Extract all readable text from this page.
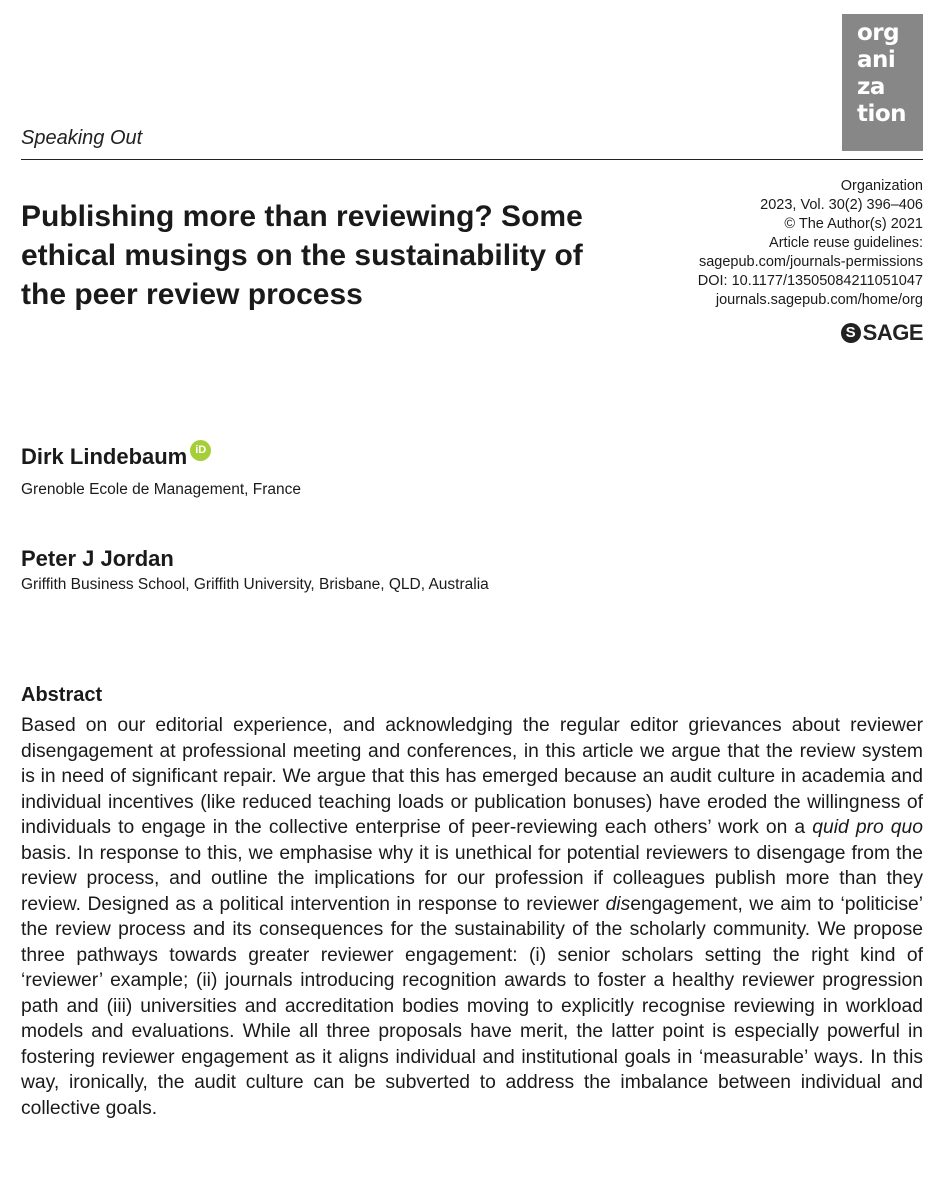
org
ani
za
tion
Speaking Out
Publishing more than reviewing? Some ethical musings on the sustainability of the peer review process
Organization
2023, Vol. 30(2) 396–406
© The Author(s) 2021
Article reuse guidelines:
sagepub.com/journals-permissions
DOI: 10.1177/13505084211051047
journals.sagepub.com/home/org
S SAGE
Dirk Lindebaum iD
Grenoble Ecole de Management, France
Peter J Jordan
Griffith Business School, Griffith University, Brisbane, QLD, Australia
Abstract

Based on our editorial experience, and acknowledging the regular editor grievances about reviewer disengagement at professional meeting and conferences, in this article we argue that the review system is in need of significant repair. We argue that this has emerged because an audit culture in academia and individual incentives (like reduced teaching loads or publication bonuses) have eroded the willingness of individuals to engage in the collective enterprise of peer-reviewing each others’ work on a quid pro quo basis. In response to this, we emphasise why it is unethical for potential reviewers to disengage from the review process, and outline the implications for our profession if colleagues publish more than they review. Designed as a political intervention in response to reviewer disengagement, we aim to ‘politicise’ the review process and its consequences for the sustainability of the scholarly community. We propose three pathways towards greater reviewer engagement: (i) senior scholars setting the right kind of ‘reviewer’ example; (ii) journals introducing recognition awards to foster a healthy reviewer progression path and (iii) universities and accreditation bodies moving to explicitly recognise reviewing in workload models and evaluations. While all three proposals have merit, the latter point is especially powerful in fostering reviewer engagement as it aligns individual and institutional goals in ‘measurable’ ways. In this way, ironically, the audit culture can be subverted to address the imbalance between individual and collective goals.
